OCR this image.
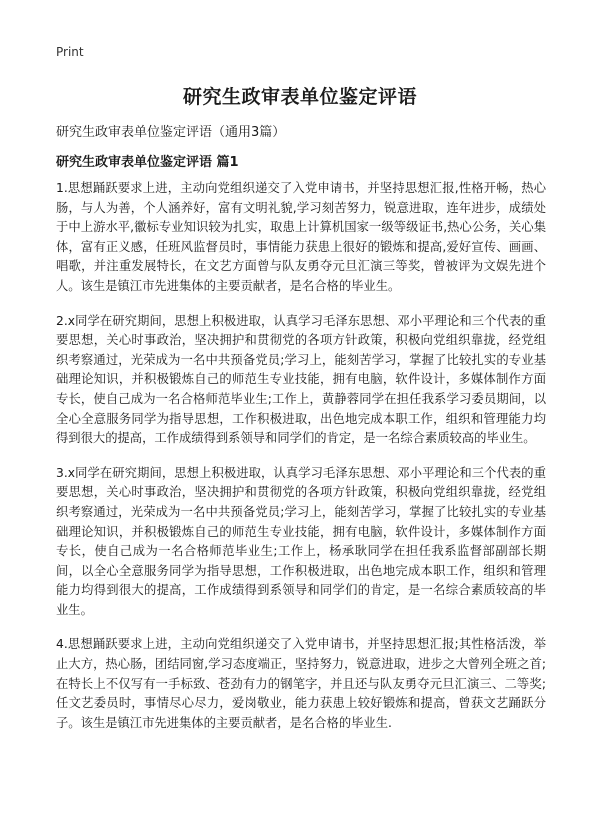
Print
研究生政审表单位鉴定评语

研究生政审表单位鉴定评语（通用3篇）

研究生政审表单位鉴定评语 篇1

1.思想踊跃要求上进，主动向党组织递交了入党申请书，并坚持思想汇报,性格开畅，热心肠，与人为善，个人涵养好，富有文明礼貌,学习刻苦努力，锐意进取，连年进步，成绩处于中上游水平,徽标专业知识较为扎实，取患上计算机国家一级等级证书,热心公务，关心集体，富有正义感，任班风监督员时，事情能力获患上很好的锻炼和提高,爱好宣传、画画、唱歌，并注重发展特长，在文艺方面曾与队友勇夺元旦汇演三等奖，曾被评为文娱先进个人。该生是镇江市先进集体的主要贡献者，是名合格的毕业生。

2.x同学在研究期间，思想上积极进取，认真学习毛泽东思想、邓小平理论和三个代表的重要思想，关心时事政治，坚决拥护和贯彻党的各项方针政策，积极向党组织靠拢，经党组织考察通过，光荣成为一名中共预备党员;学习上，能刻苦学习，掌握了比较扎实的专业基础理论知识，并积极锻炼自己的师范生专业技能，拥有电脑，软件设计，多媒体制作方面专长，使自己成为一名合格师范毕业生;工作上，黄静蓉同学在担任我系学习委员期间，以全心全意服务同学为指导思想，工作积极进取，出色地完成本职工作，组织和管理能力均得到很大的提高，工作成绩得到系领导和同学们的肯定，是一名综合素质较高的毕业生。

3.x同学在研究期间，思想上积极进取，认真学习毛泽东思想、邓小平理论和三个代表的重要思想，关心时事政治，坚决拥护和贯彻党的各项方针政策，积极向党组织靠拢，经党组织考察通过，光荣成为一名中共预备党员;学习上，能刻苦学习，掌握了比较扎实的专业基础理论知识，并积极锻炼自己的师范生专业技能，拥有电脑，软件设计，多媒体制作方面专长，使自己成为一名合格师范毕业生;工作上，杨承耿同学在担任我系监督部副部长期间，以全心全意服务同学为指导思想，工作积极进取，出色地完成本职工作，组织和管理能力均得到很大的提高，工作成绩得到系领导和同学们的肯定，是一名综合素质较高的毕业生。

4.思想踊跃要求上进，主动向党组织递交了入党申请书，并坚持思想汇报;其性格活泼，举止大方，热心肠，团结同窗,学习态度端正，坚持努力，锐意进取，进步之大曾列全班之首;在特长上不仅写有一手标致、苍劲有力的钢笔字，并且还与队友勇夺元旦汇演三、二等奖;任文艺委员时，事情尽心尽力，爱岗敬业，能力获患上较好锻炼和提高，曾获文艺踊跃分子。该生是镇江市先进集体的主要贡献者，是名合格的毕业生.
